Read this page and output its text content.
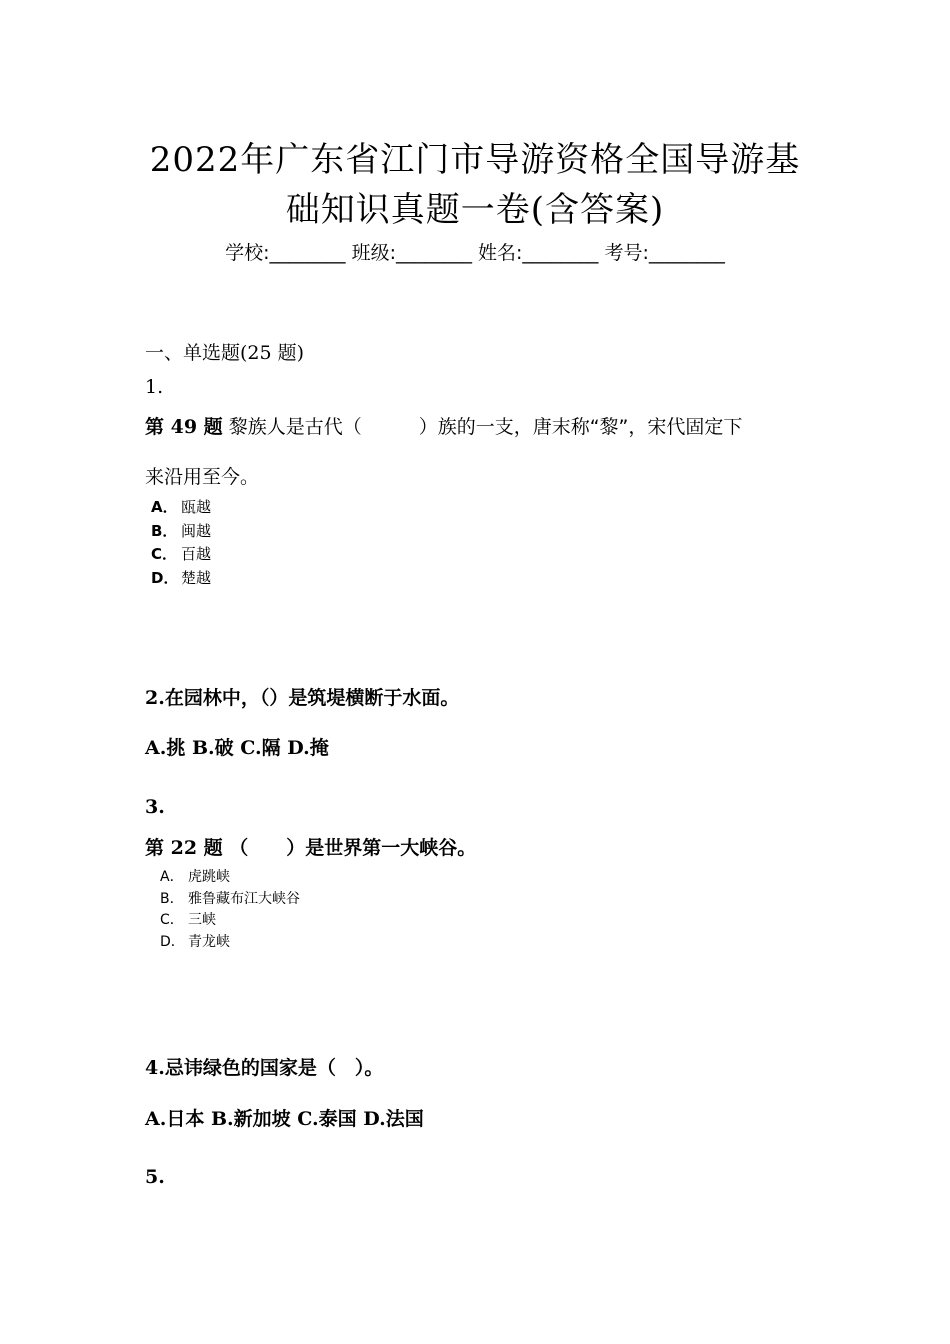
2022年广东省江门市导游资格全国导游基
础知识真题一卷(含答案)
学校:________ 班级:________ 姓名:________ 考号:________
一、单选题(25 题)
1.
第 49 题 黎族人是古代（　　　）族的一支，唐末称“黎”，宋代固定下
来沿用至今。
A． 瓯越
B． 闽越
C． 百越
D． 楚越
2.在园林中，（）是筑堤横断于水面。
A.挑 B.破 C.隔 D.掩
3.
第 22 题 （　　）是世界第一大峡谷。
A． 虎跳峡
B． 雅鲁藏布江大峡谷
C． 三峡
D． 青龙峡
4.忌讳绿色的国家是（　）。
A.日本 B.新加坡 C.泰国 D.法国
5.
